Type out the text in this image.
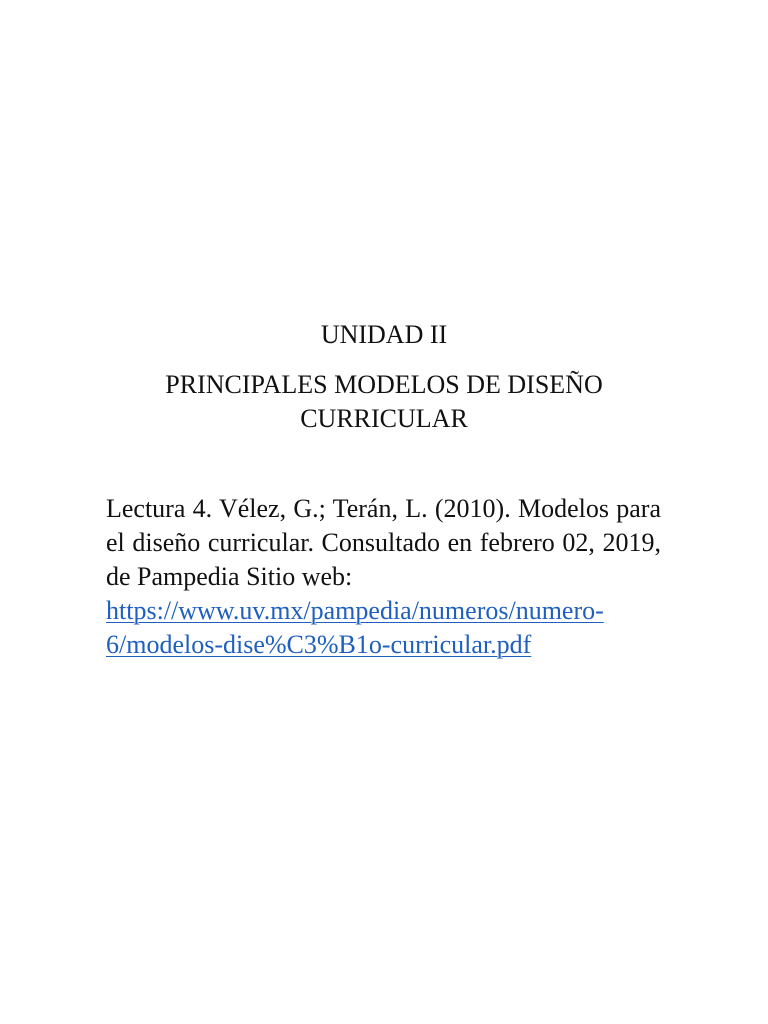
UNIDAD II
PRINCIPALES MODELOS DE DISEÑO CURRICULAR

Lectura 4. Vélez, G.; Terán, L. (2010). Modelos para el diseño curricular. Consultado en febrero 02, 2019, de Pampedia Sitio web:
https://www.uv.mx/pampedia/numeros/numero-
6/modelos-dise%C3%B1o-curricular.pdf
